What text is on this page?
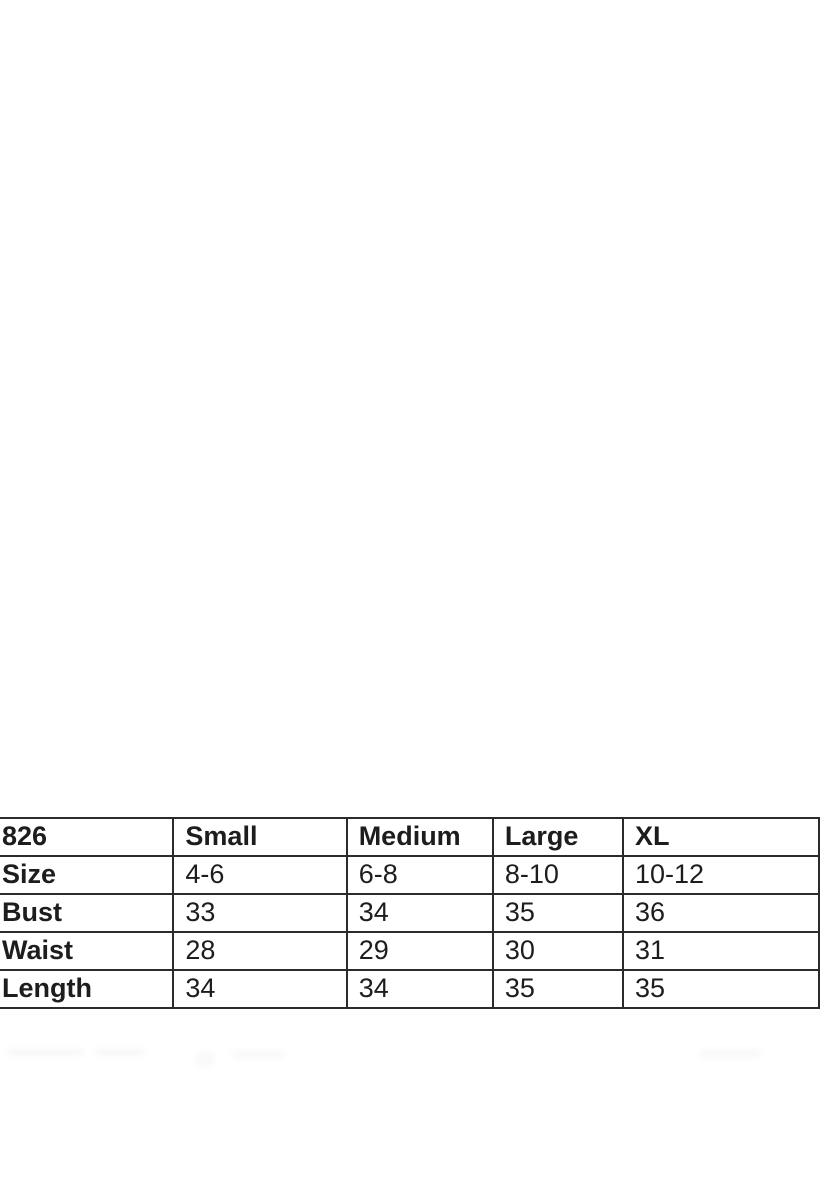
826	Small	Medium	Large	XL
Size	4-6	6-8	8-10	10-12
Bust	33	34	35	36
Waist	28	29	30	31
Length	34	34	35	35
